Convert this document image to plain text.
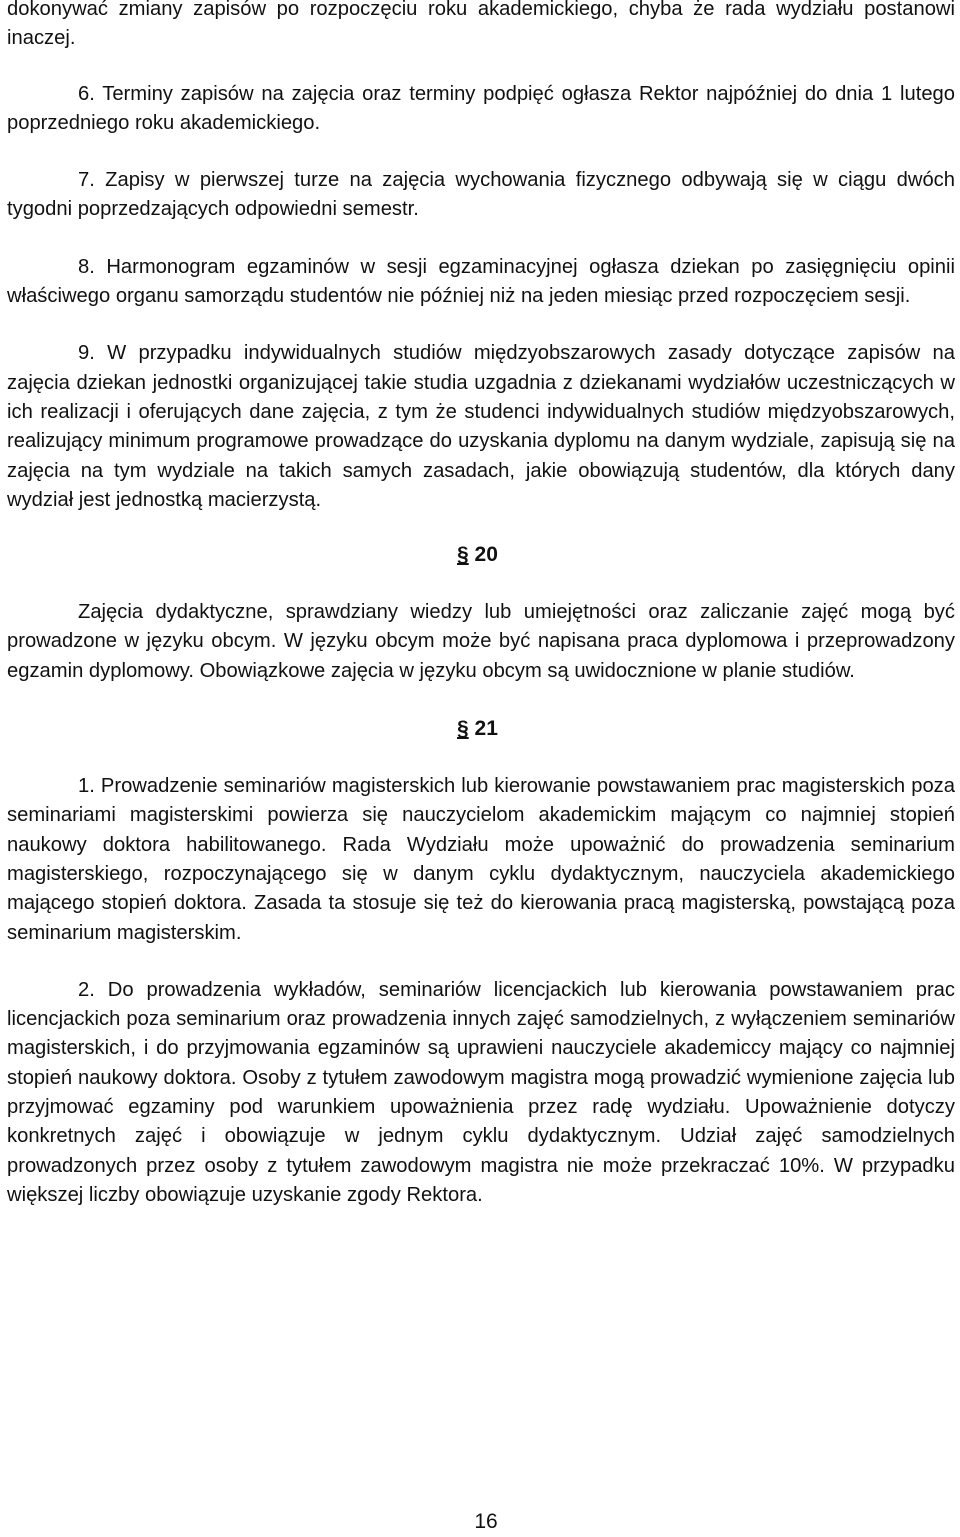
dokonywać zmiany zapisów po rozpoczęciu roku akademickiego, chyba że rada wydziału postanowi inaczej.

6. Terminy zapisów na zajęcia oraz terminy podpięć ogłasza Rektor najpóźniej do dnia 1 lutego poprzedniego roku akademickiego.

7. Zapisy w pierwszej turze na zajęcia wychowania fizycznego odbywają się w ciągu dwóch tygodni poprzedzających odpowiedni semestr.

8. Harmonogram egzaminów w sesji egzaminacyjnej ogłasza dziekan po zasięgnięciu opinii właściwego organu samorządu studentów nie później niż na jeden miesiąc przed rozpoczęciem sesji.

9. W przypadku indywidualnych studiów międzyobszarowych zasady dotyczące zapisów na zajęcia dziekan jednostki organizującej takie studia uzgadnia z dziekanami wydziałów uczestniczących w ich realizacji i oferujących dane zajęcia, z tym że studenci indywidualnych studiów międzyobszarowych, realizujący minimum programowe prowadzące do uzyskania dyplomu na danym wydziale, zapisują się na zajęcia na tym wydziale na takich samych zasadach, jakie obowiązują studentów, dla których dany wydział jest jednostką macierzystą.

§ 20

Zajęcia dydaktyczne, sprawdziany wiedzy lub umiejętności oraz zaliczanie zajęć mogą być prowadzone w języku obcym. W języku obcym może być napisana praca dyplomowa i przeprowadzony egzamin dyplomowy. Obowiązkowe zajęcia w języku obcym są uwidocznione w planie studiów.

§ 21

1. Prowadzenie seminariów magisterskich lub kierowanie powstawaniem prac magisterskich poza seminariami magisterskimi powierza się nauczycielom akademickim mającym co najmniej stopień naukowy doktora habilitowanego. Rada Wydziału może upoważnić do prowadzenia seminarium magisterskiego, rozpoczynającego się w danym cyklu dydaktycznym, nauczyciela akademickiego mającego stopień doktora. Zasada ta stosuje się też do kierowania pracą magisterską, powstającą poza seminarium magisterskim.

2. Do prowadzenia wykładów, seminariów licencjackich lub kierowania powstawaniem prac licencjackich poza seminarium oraz prowadzenia innych zajęć samodzielnych, z wyłączeniem seminariów magisterskich, i do przyjmowania egzaminów są uprawieni nauczyciele akademiccy mający co najmniej stopień naukowy doktora. Osoby z tytułem zawodowym magistra mogą prowadzić wymienione zajęcia lub przyjmować egzaminy pod warunkiem upoważnienia przez radę wydziału. Upoważnienie dotyczy konkretnych zajęć i obowiązuje w jednym cyklu dydaktycznym. Udział zajęć samodzielnych prowadzonych przez osoby z tytułem zawodowym magistra nie może przekraczać 10%. W przypadku większej liczby obowiązuje uzyskanie zgody Rektora.

16
